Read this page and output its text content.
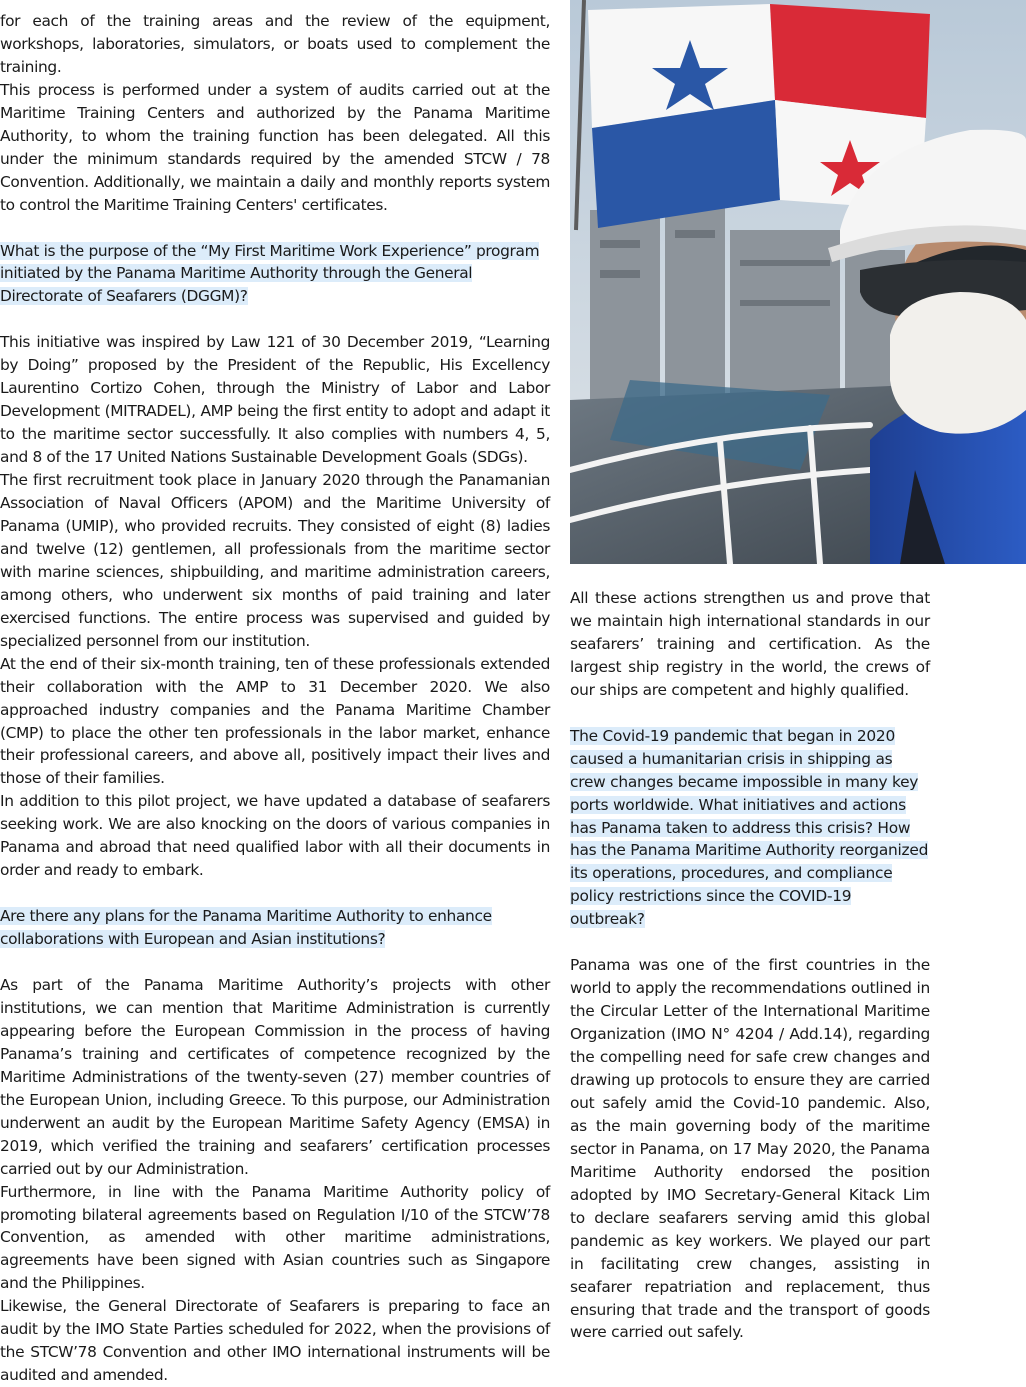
for each of the training areas and the review of the equipment, workshops, laboratories, simulators, or boats used to complement the training.

This process is performed under a system of audits carried out at the Maritime Training Centers and authorized by the Panama Maritime Authority, to whom the training function has been delegated. All this under the minimum standards required by the amended STCW / 78 Convention. Additionally, we maintain a daily and monthly reports system to control the Maritime Training Centers' certificates.

What is the purpose of the “My First Maritime Work Experience” program initiated by the Panama Maritime Authority through the General Directorate of Seafarers (DGGM)?

This initiative was inspired by Law 121 of 30 December 2019, “Learning by Doing” proposed by the President of the Republic, His Excellency Laurentino Cortizo Cohen, through the Ministry of Labor and Labor Development (MITRADEL), AMP being the first entity to adopt and adapt it to the maritime sector successfully. It also complies with numbers 4, 5, and 8 of the 17 United Nations Sustainable Development Goals (SDGs).

The first recruitment took place in January 2020 through the Panamanian Association of Naval Officers (APOM) and the Maritime University of Panama (UMIP), who provided recruits. They consisted of eight (8) ladies and twelve (12) gentlemen, all professionals from the maritime sector with marine sciences, shipbuilding, and maritime administration careers, among others, who underwent six months of paid training and later exercised functions. The entire process was supervised and guided by specialized personnel from our institution.

At the end of their six-month training, ten of these professionals extended their collaboration with the AMP to 31 December 2020. We also approached industry companies and the Panama Maritime Chamber (CMP) to place the other ten professionals in the labor market, enhance their professional careers, and above all, positively impact their lives and those of their families.

In addition to this pilot project, we have updated a database of seafarers seeking work. We are also knocking on the doors of various companies in Panama and abroad that need qualified labor with all their documents in order and ready to embark.

Are there any plans for the Panama Maritime Authority to enhance collaborations with European and Asian institutions?

As part of the Panama Maritime Authority’s projects with other institutions, we can mention that Maritime Administration is currently appearing before the European Commission in the process of having Panama’s training and certificates of competence recognized by the Maritime Administrations of the twenty-seven (27) member countries of the European Union, including Greece. To this purpose, our Administration underwent an audit by the European Maritime Safety Agency (EMSA) in 2019, which verified the training and seafarers’ certification processes carried out by our Administration.

Furthermore, in line with the Panama Maritime Authority policy of promoting bilateral agreements based on Regulation I/10 of the STCW’78 Convention, as amended with other maritime administrations, agreements have been signed with Asian countries such as Singapore and the Philippines.

Likewise, the General Directorate of Seafarers is preparing to face an audit by the IMO State Parties scheduled for 2022, when the provisions of the STCW’78 Convention and other IMO international instruments will be audited and amended.

All these actions strengthen us and prove that we maintain high international standards in our seafarers’ training and certification. As the largest ship registry in the world, the crews of our ships are competent and highly qualified.

The Covid-19 pandemic that began in 2020 caused a humanitarian crisis in shipping as crew changes became impossible in many key ports worldwide. What initiatives and actions has Panama taken to address this crisis? How has the Panama Maritime Authority reorganized its operations, procedures, and compliance policy restrictions since the COVID-19 outbreak?

Panama was one of the first countries in the world to apply the recommendations outlined in the Circular Letter of the International Maritime Organization (IMO N° 4204 / Add.14), regarding the compelling need for safe crew changes and drawing up protocols to ensure they are carried out safely amid the Covid-10 pandemic. Also, as the main governing body of the maritime sector in Panama, on 17 May 2020, the Panama Maritime Authority endorsed the position adopted by IMO Secretary-General Kitack Lim to declare seafarers serving amid this global pandemic as key workers. We played our part in facilitating crew changes, assisting in seafarer repatriation and replacement, thus ensuring that trade and the transport of goods were carried out safely.
